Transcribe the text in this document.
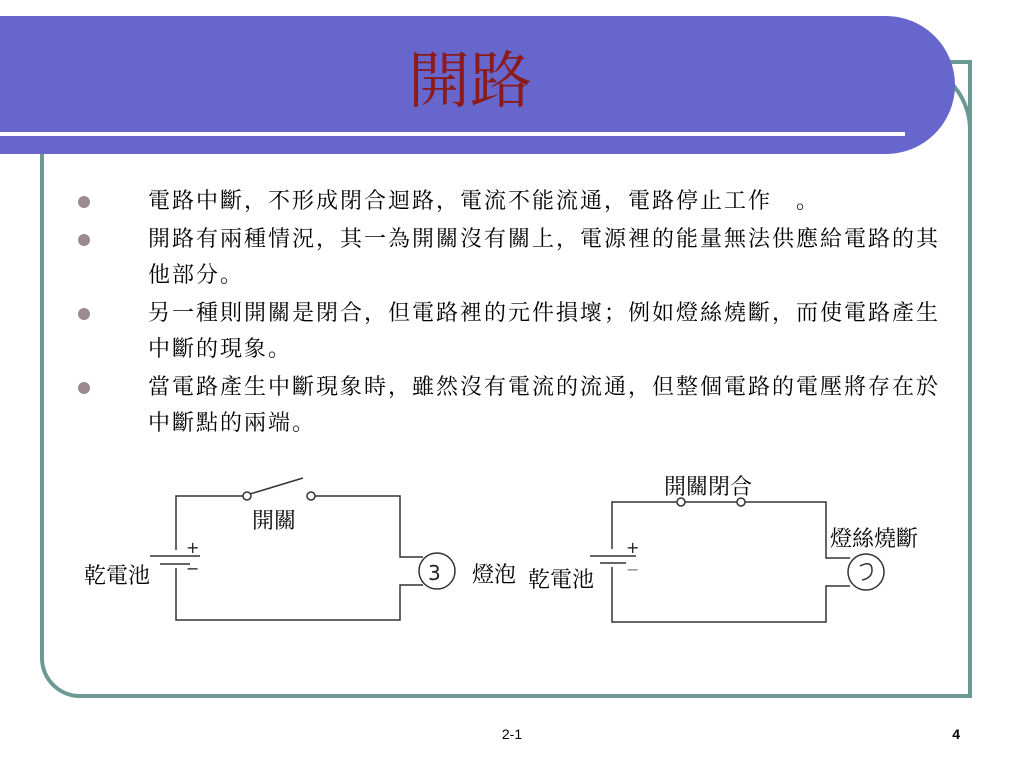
開路
電路中斷，不形成閉合迴路，電流不能流通，電路停止工作　。
開路有兩種情況，其一為開關沒有關上，電源裡的能量無法供應給電路的其他部分。
另一種則開關是閉合，但電路裡的元件損壞；例如燈絲燒斷，而使電路產生中斷的現象。
當電路產生中斷現象時，雖然沒有電流的流通，但整個電路的電壓將存在於中斷點的兩端。
開關
乾電池	燈泡
3
+
−
開關閉合
乾電池
燈絲燒斷
+
−
2-1	4
